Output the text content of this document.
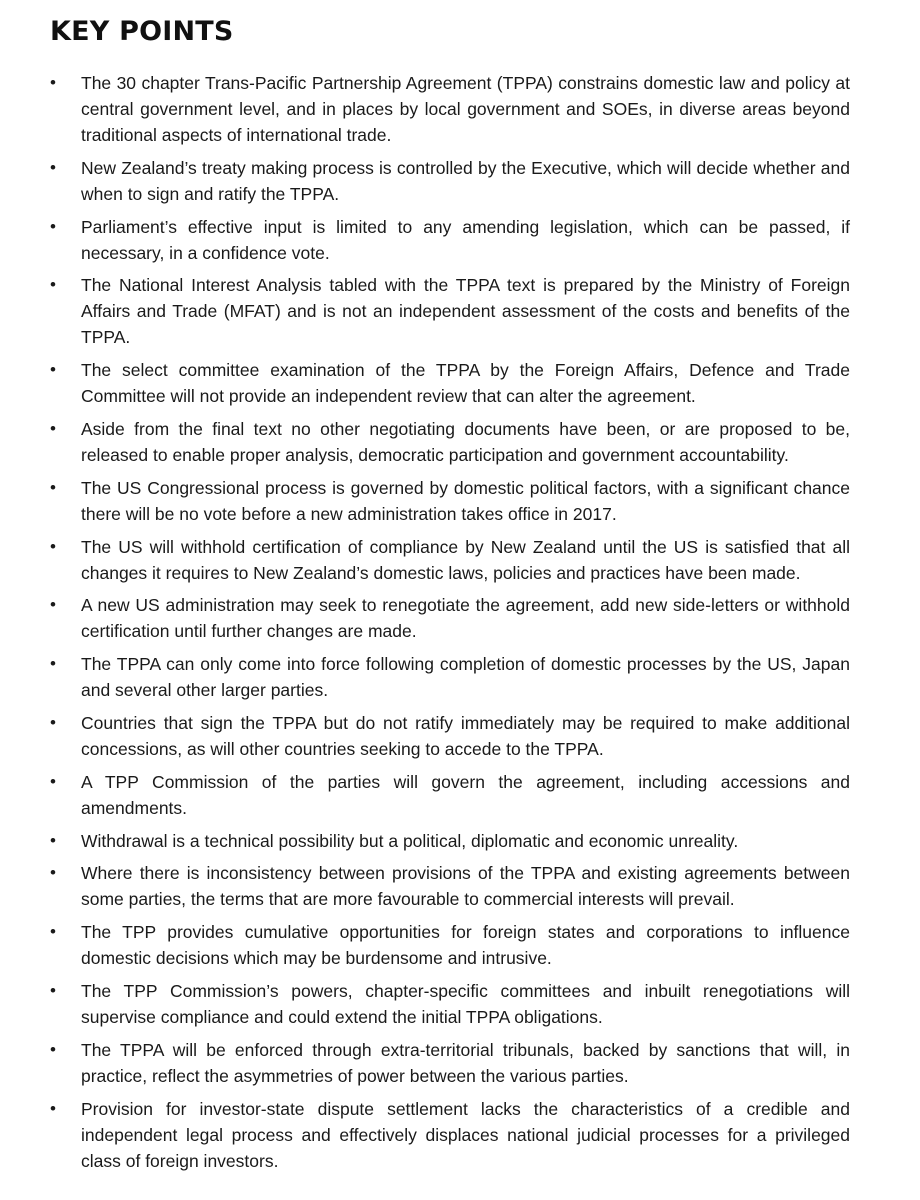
KEY POINTS
• The 30 chapter Trans-Pacific Partnership Agreement (TPPA) constrains domestic law and policy at central government level, and in places by local government and SOEs, in diverse areas beyond traditional aspects of international trade.
• New Zealand’s treaty making process is controlled by the Executive, which will decide whether and when to sign and ratify the TPPA.
• Parliament’s effective input is limited to any amending legislation, which can be passed, if necessary, in a confidence vote.
• The National Interest Analysis tabled with the TPPA text is prepared by the Ministry of Foreign Affairs and Trade (MFAT) and is not an independent assessment of the costs and benefits of the TPPA.
• The select committee examination of the TPPA by the Foreign Affairs, Defence and Trade Committee will not provide an independent review that can alter the agreement.
• Aside from the final text no other negotiating documents have been, or are proposed to be, released to enable proper analysis, democratic participation and government accountability.
• The US Congressional process is governed by domestic political factors, with a significant chance there will be no vote before a new administration takes office in 2017.
• The US will withhold certification of compliance by New Zealand until the US is satisfied that all changes it requires to New Zealand’s domestic laws, policies and practices have been made.
• A new US administration may seek to renegotiate the agreement, add new side-letters or withhold certification until further changes are made.
• The TPPA can only come into force following completion of domestic processes by the US, Japan and several other larger parties.
• Countries that sign the TPPA but do not ratify immediately may be required to make additional concessions, as will other countries seeking to accede to the TPPA.
• A TPP Commission of the parties will govern the agreement, including accessions and amendments.
• Withdrawal is a technical possibility but a political, diplomatic and economic unreality.
• Where there is inconsistency between provisions of the TPPA and existing agreements between some parties, the terms that are more favourable to commercial interests will prevail.
• The TPP provides cumulative opportunities for foreign states and corporations to influence domestic decisions which may be burdensome and intrusive.
• The TPP Commission’s powers, chapter-specific committees and inbuilt renegotiations will supervise compliance and could extend the initial TPPA obligations.
• The TPPA will be enforced through extra-territorial tribunals, backed by sanctions that will, in practice, reflect the asymmetries of power between the various parties.
• Provision for investor-state dispute settlement lacks the characteristics of a credible and independent legal process and effectively displaces national judicial processes for a privileged class of foreign investors.
